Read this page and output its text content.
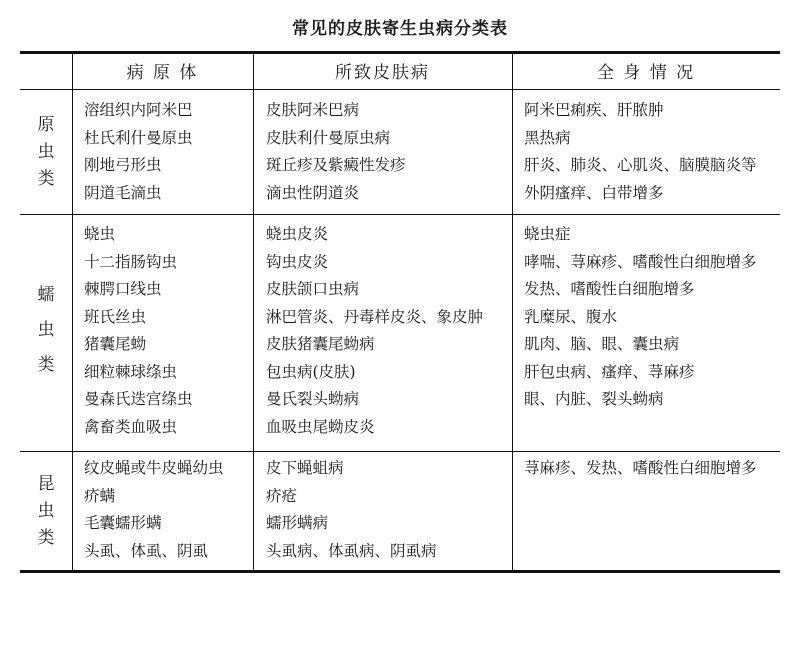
常见的皮肤寄生虫病分类表
病 原 体	所致皮肤病	全 身 情 况
原
虫
类
溶组织内阿米巴
杜氏利什曼原虫
刚地弓形虫
阴道毛滴虫
皮肤阿米巴病
皮肤利什曼原虫病
斑丘疹及紫癜性发疹
滴虫性阴道炎
阿米巴痢疾、肝脓肿
黑热病
肝炎、肺炎、心肌炎、脑膜脑炎等
外阴瘙痒、白带增多
蠕
虫
类
蛲虫
十二指肠钩虫
棘腭口线虫
班氏丝虫
猪囊尾蚴
细粒棘球绦虫
曼森氏迭宫绦虫
禽畜类血吸虫
蛲虫皮炎
钩虫皮炎
皮肤颌口虫病
淋巴管炎、丹毒样皮炎、象皮肿
皮肤猪囊尾蚴病
包虫病(皮肤)
曼氏裂头蚴病
血吸虫尾蚴皮炎
蛲虫症
哮喘、荨麻疹、嗜酸性白细胞增多
发热、嗜酸性白细胞增多
乳糜尿、腹水
肌肉、脑、眼、囊虫病
肝包虫病、瘙痒、荨麻疹
眼、内脏、裂头蚴病
昆
虫
类
纹皮蝇或牛皮蝇幼虫
疥螨
毛囊蠕形螨
头虱、体虱、阴虱
皮下蝇蛆病
疥疮
蠕形螨病
头虱病、体虱病、阴虱病
荨麻疹、发热、嗜酸性白细胞增多
